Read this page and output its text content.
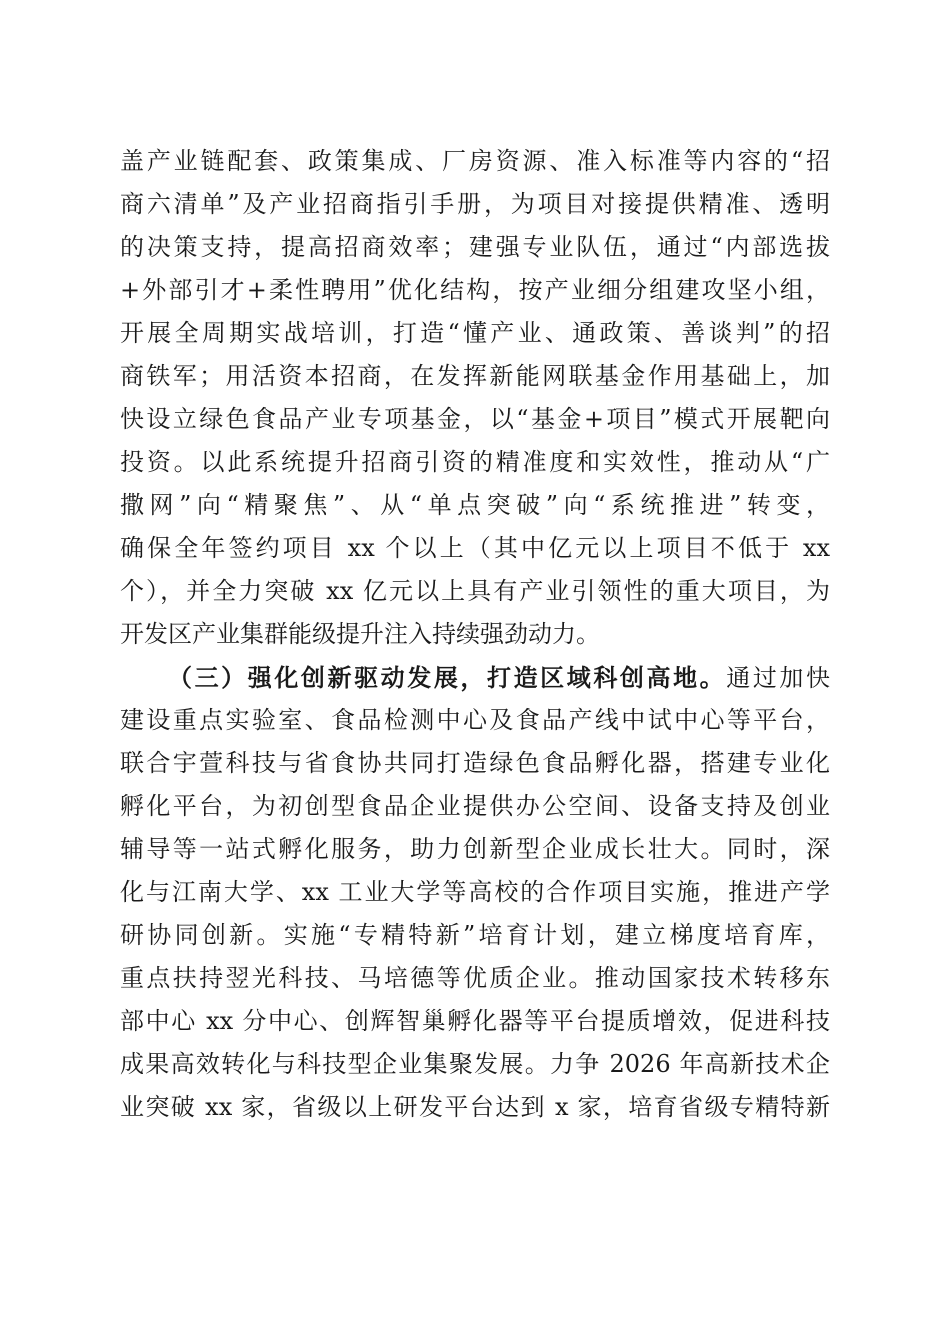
盖产业链配套、政策集成、厂房资源、准入标准等内容的“招
商六清单”及产业招商指引手册，为项目对接提供精准、透明
的决策支持，提高招商效率；建强专业队伍，通过“内部选拔
+外部引才+柔性聘用”优化结构，按产业细分组建攻坚小组，
开展全周期实战培训，打造“懂产业、通政策、善谈判”的招
商铁军；用活资本招商，在发挥新能网联基金作用基础上，加
快设立绿色食品产业专项基金，以“基金+项目”模式开展靶向
投资。以此系统提升招商引资的精准度和实效性，推动从“广
撒网”向“精聚焦”、从“单点突破”向“系统推进”转变，
确保全年签约项目 xx 个以上（其中亿元以上项目不低于 xx
个），并全力突破 xx 亿元以上具有产业引领性的重大项目，为
开发区产业集群能级提升注入持续强劲动力。
（三）强化创新驱动发展，打造区域科创高地。通过加快
建设重点实验室、食品检测中心及食品产线中试中心等平台，
联合宇萱科技与省食协共同打造绿色食品孵化器，搭建专业化
孵化平台，为初创型食品企业提供办公空间、设备支持及创业
辅导等一站式孵化服务，助力创新型企业成长壮大。同时，深
化与江南大学、xx 工业大学等高校的合作项目实施，推进产学
研协同创新。实施“专精特新”培育计划，建立梯度培育库，
重点扶持翌光科技、马培德等优质企业。推动国家技术转移东
部中心 xx 分中心、创辉智巢孵化器等平台提质增效，促进科技
成果高效转化与科技型企业集聚发展。力争 2026 年高新技术企
业突破 xx 家，省级以上研发平台达到 x 家，培育省级专精特新
